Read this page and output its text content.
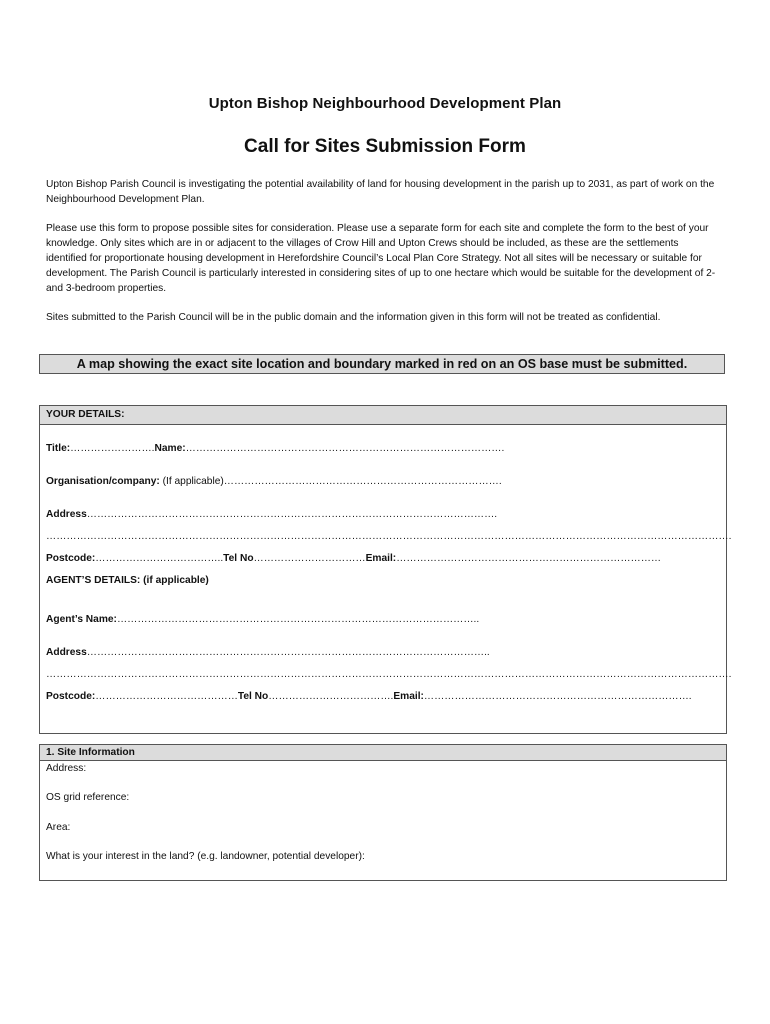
Upton Bishop Neighbourhood Development Plan
Call for Sites Submission Form
Upton Bishop Parish Council is investigating the potential availability of land for housing development in the parish up to 2031, as part of work on the Neighbourhood Development Plan.
Please use this form to propose possible sites for consideration. Please use a separate form for each site and complete the form to the best of your knowledge. Only sites which are in or adjacent to the villages of Crow Hill and Upton Crews should be included, as these are the settlements identified for proportionate housing development in Herefordshire Council’s Local Plan Core Strategy. Not all sites will be necessary or suitable for development. The Parish Council is particularly interested in considering sites of up to one hectare which would be suitable for the development of 2- and 3-bedroom properties.
Sites submitted to the Parish Council will be in the public domain and the information given in this form will not be treated as confidential.
A map showing the exact site location and boundary marked in red on an OS base must be submitted.
YOUR DETAILS:
Title:…………………….Name:………………………………………………………………………………….
Organisation/company: (If applicable)……………………………………………………………………….
Address………………………………………………………………………………………………………….
………………………………………………………………………………………………………………………………………………………………………………….
Postcode:………………………………..Tel No……………………………Email:……………………………………………………………………
AGENT’S DETAILS: (if applicable)
Agent’s Name:……………………………………………………………………………………………..
Address………………………………………………………………………………………………………..
………………………………………………………………………………………………………………………………………………………………………………….
Postcode:……………………………………Tel No……………………………….Email:…………………………………………………………………….
1. Site Information
Address:
OS grid reference:
Area:
What is your interest in the land? (e.g. landowner, potential developer):
